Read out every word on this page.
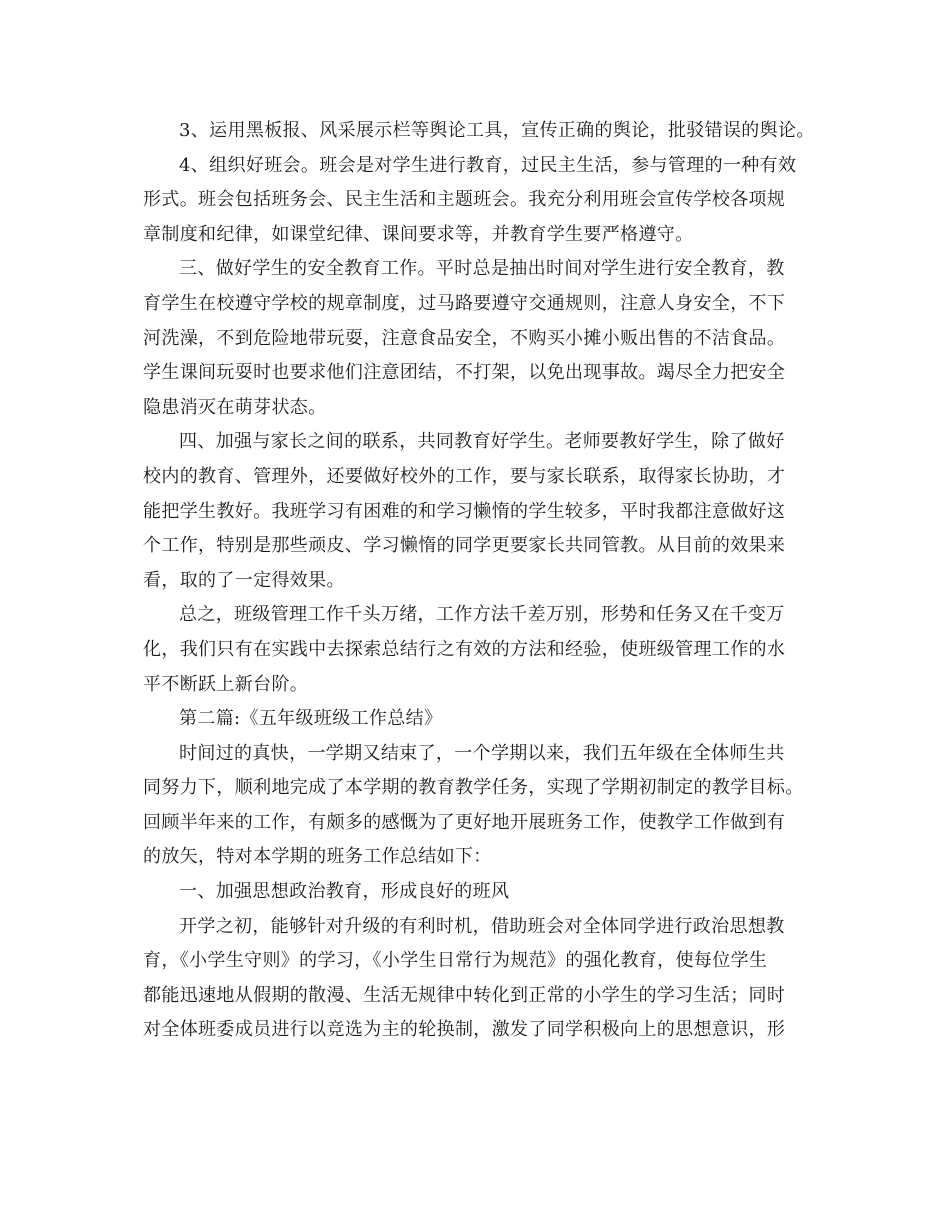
3、运用黑板报、风采展示栏等舆论工具，宣传正确的舆论，批驳错误的舆论。

4、组织好班会。班会是对学生进行教育，过民主生活，参与管理的一种有效
形式。班会包括班务会、民主生活和主题班会。我充分利用班会宣传学校各项规
章制度和纪律，如课堂纪律、课间要求等，并教育学生要严格遵守。

三、做好学生的安全教育工作。平时总是抽出时间对学生进行安全教育，教
育学生在校遵守学校的规章制度，过马路要遵守交通规则，注意人身安全，不下
河洗澡，不到危险地带玩耍，注意食品安全，不购买小摊小贩出售的不洁食品。
学生课间玩耍时也要求他们注意团结，不打架，以免出现事故。竭尽全力把安全
隐患消灭在萌芽状态。

四、加强与家长之间的联系，共同教育好学生。老师要教好学生，除了做好
校内的教育、管理外，还要做好校外的工作，要与家长联系，取得家长协助，才
能把学生教好。我班学习有困难的和学习懒惰的学生较多，平时我都注意做好这
个工作，特别是那些顽皮、学习懒惰的同学更要家长共同管教。从目前的效果来
看，取的了一定得效果。

总之，班级管理工作千头万绪，工作方法千差万别，形势和任务又在千变万
化，我们只有在实践中去探索总结行之有效的方法和经验，使班级管理工作的水
平不断跃上新台阶。

第二篇:《五年级班级工作总结》

时间过的真快，一学期又结束了，一个学期以来，我们五年级在全体师生共
同努力下，顺利地完成了本学期的教育教学任务，实现了学期初制定的教学目标。
回顾半年来的工作，有颇多的感慨为了更好地开展班务工作，使教学工作做到有
的放矢，特对本学期的班务工作总结如下：

一、加强思想政治教育，形成良好的班风

开学之初，能够针对升级的有利时机，借助班会对全体同学进行政治思想教
育，《小学生守则》的学习，《小学生日常行为规范》的强化教育，使每位学生
都能迅速地从假期的散漫、生活无规律中转化到正常的小学生的学习生活；同时
对全体班委成员进行以竞选为主的轮换制，激发了同学积极向上的思想意识，形
